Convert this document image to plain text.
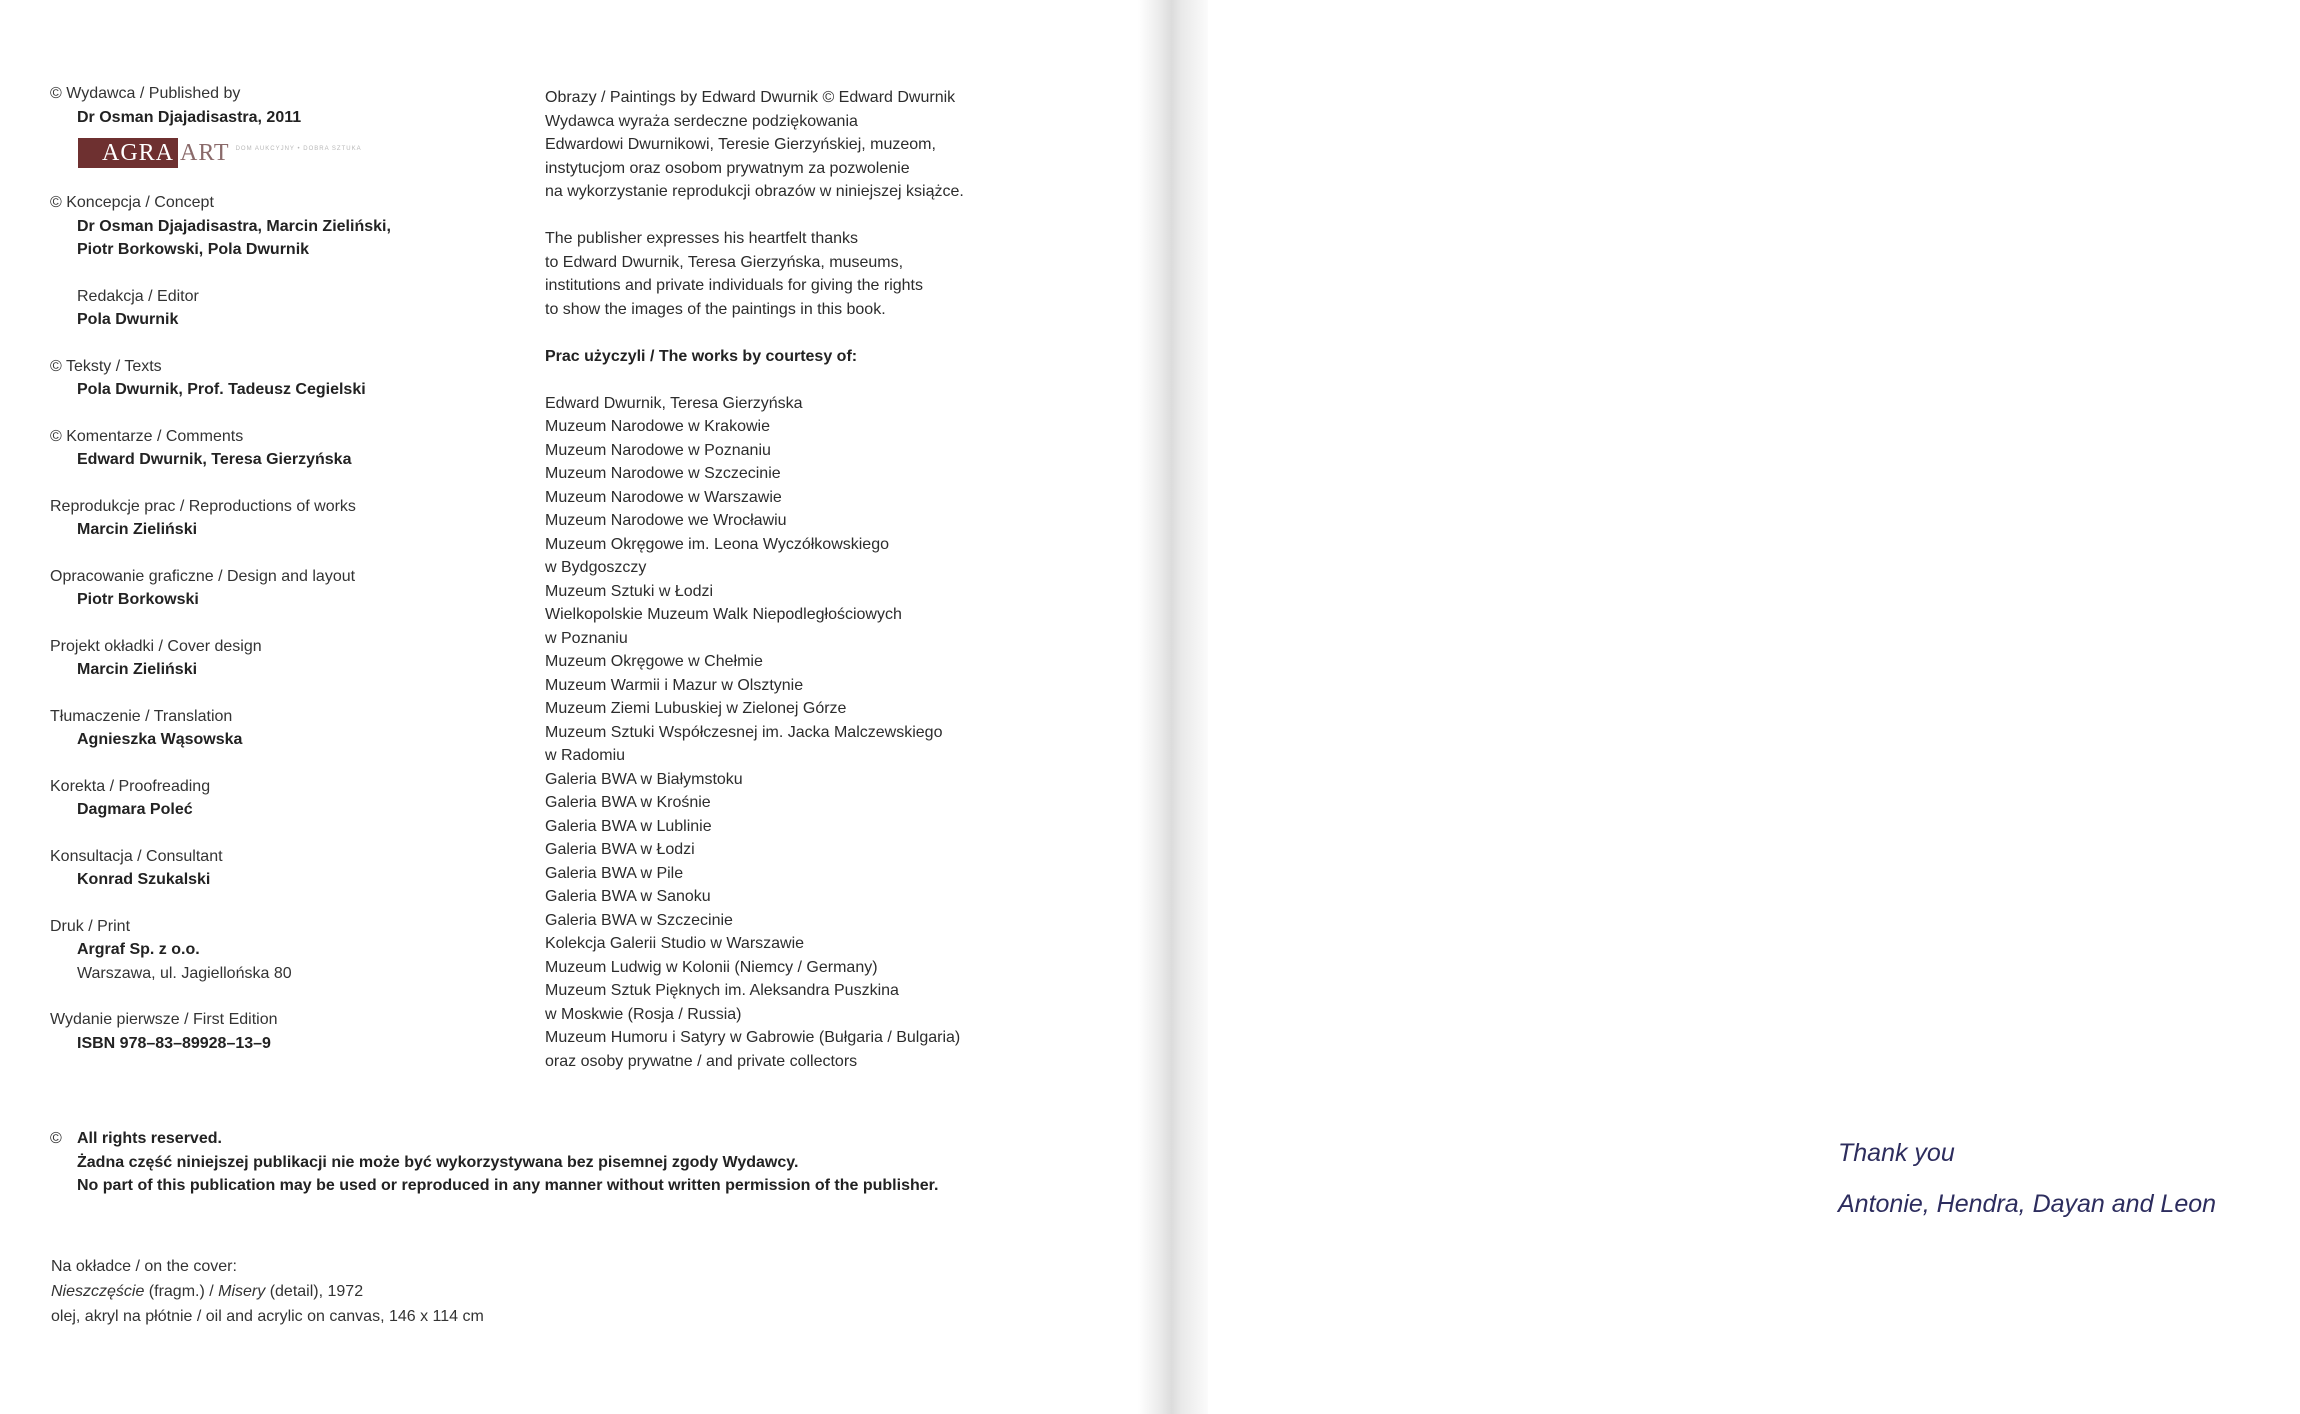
© Wydawca / Published by
Dr Osman Djajadisastra, 2011
AGRA ART DOM AUKCYJNY • DOBRA SZTUKA
© Koncepcja / Concept
Dr Osman Djajadisastra, Marcin Zieliński,
Piotr Borkowski, Pola Dwurnik
Redakcja / Editor
Pola Dwurnik
© Teksty / Texts
Pola Dwurnik, Prof. Tadeusz Cegielski
© Komentarze / Comments
Edward Dwurnik, Teresa Gierzyńska
Reprodukcje prac / Reproductions of works
Marcin Zieliński
Opracowanie graficzne / Design and layout
Piotr Borkowski
Projekt okładki / Cover design
Marcin Zieliński
Tłumaczenie / Translation
Agnieszka Wąsowska
Korekta / Proofreading
Dagmara Poleć
Konsultacja / Consultant
Konrad Szukalski
Druk / Print
Argraf Sp. z o.o.
Warszawa, ul. Jagiellońska 80
Wydanie pierwsze / First Edition
ISBN 978–83–89928–13–9
Obrazy / Paintings by Edward Dwurnik © Edward Dwurnik
Wydawca wyraża serdeczne podziękowania
Edwardowi Dwurnikowi, Teresie Gierzyńskiej, muzeom,
instytucjom oraz osobom prywatnym za pozwolenie
na wykorzystanie reprodukcji obrazów w niniejszej książce.
The publisher expresses his heartfelt thanks
to Edward Dwurnik, Teresa Gierzyńska, museums,
institutions and private individuals for giving the rights
to show the images of the paintings in this book.
Prac użyczyli / The works by courtesy of:
Edward Dwurnik, Teresa Gierzyńska
Muzeum Narodowe w Krakowie
Muzeum Narodowe w Poznaniu
Muzeum Narodowe w Szczecinie
Muzeum Narodowe w Warszawie
Muzeum Narodowe we Wrocławiu
Muzeum Okręgowe im. Leona Wyczółkowskiego
w Bydgoszczy
Muzeum Sztuki w Łodzi
Wielkopolskie Muzeum Walk Niepodległościowych
w Poznaniu
Muzeum Okręgowe w Chełmie
Muzeum Warmii i Mazur w Olsztynie
Muzeum Ziemi Lubuskiej w Zielonej Górze
Muzeum Sztuki Współczesnej im. Jacka Malczewskiego
w Radomiu
Galeria BWA w Białymstoku
Galeria BWA w Krośnie
Galeria BWA w Lublinie
Galeria BWA w Łodzi
Galeria BWA w Pile
Galeria BWA w Sanoku
Galeria BWA w Szczecinie
Kolekcja Galerii Studio w Warszawie
Muzeum Ludwig w Kolonii (Niemcy / Germany)
Muzeum Sztuk Pięknych im. Aleksandra Puszkina
w Moskwie (Rosja / Russia)
Muzeum Humoru i Satyry w Gabrowie (Bułgaria / Bulgaria)
oraz osoby prywatne / and private collectors
© All rights reserved.
Żadna część niniejszej publikacji nie może być wykorzystywana bez pisemnej zgody Wydawcy.
No part of this publication may be used or reproduced in any manner without written permission of the publisher.
Na okładce / on the cover:
Nieszczęście (fragm.) / Misery (detail), 1972
olej, akryl na płótnie / oil and acrylic on canvas, 146 x 114 cm
Thank you
Antonie, Hendra, Dayan and Leon
